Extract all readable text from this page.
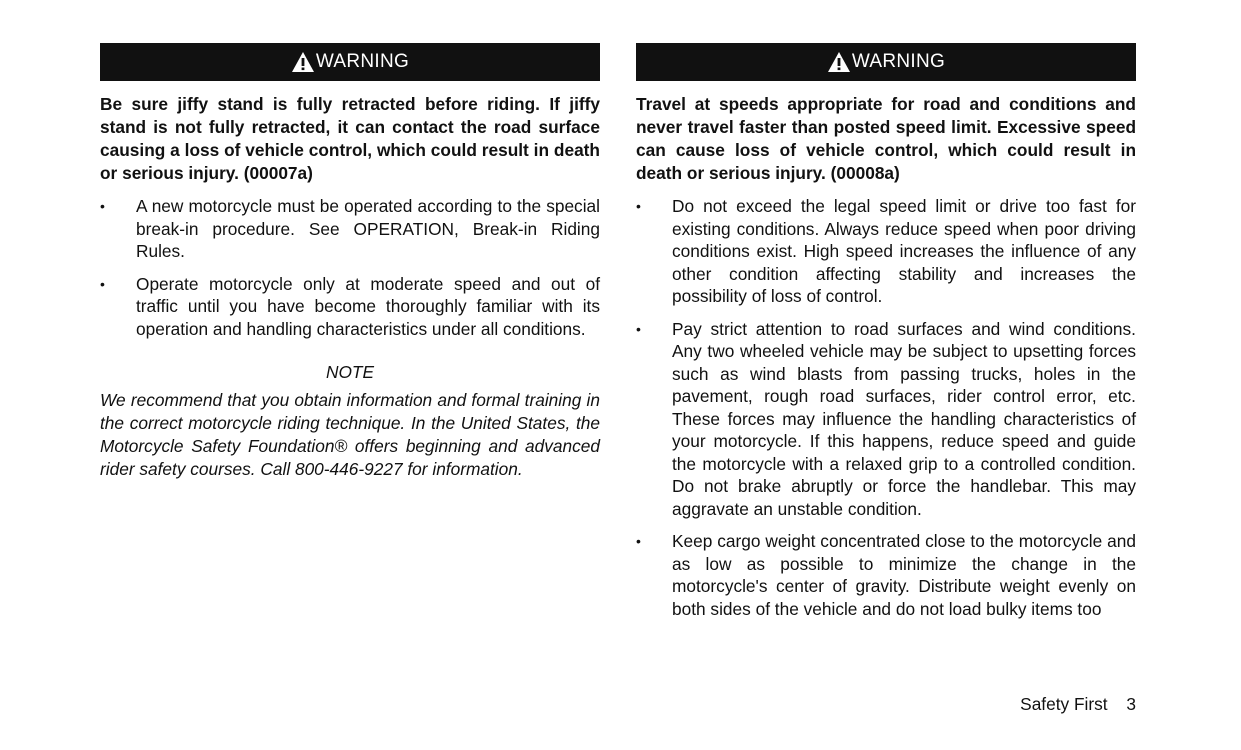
WARNING

Be sure jiffy stand is fully retracted before riding. If jiffy stand is not fully retracted, it can contact the road surface causing a loss of vehicle control, which could result in death or serious injury. (00007a)

• A new motorcycle must be operated according to the special break-in procedure. See OPERATION, Break-in Riding Rules.
• Operate motorcycle only at moderate speed and out of traffic until you have become thoroughly familiar with its operation and handling characteristics under all conditions.
NOTE

We recommend that you obtain information and formal training in the correct motorcycle riding technique. In the United States, the Motorcycle Safety Foundation® offers beginning and advanced rider safety courses. Call 800-446-9227 for information.

WARNING

Travel at speeds appropriate for road and conditions and never travel faster than posted speed limit. Excessive speed can cause loss of vehicle control, which could result in death or serious injury. (00008a)

• Do not exceed the legal speed limit or drive too fast for existing conditions. Always reduce speed when poor driving conditions exist. High speed increases the influence of any other condition affecting stability and increases the possibility of loss of control.
• Pay strict attention to road surfaces and wind conditions. Any two wheeled vehicle may be subject to upsetting forces such as wind blasts from passing trucks, holes in the pavement, rough road surfaces, rider control error, etc. These forces may influence the handling characteristics of your motorcycle. If this happens, reduce speed and guide the motorcycle with a relaxed grip to a controlled condition. Do not brake abruptly or force the handlebar. This may aggravate an unstable condition.
• Keep cargo weight concentrated close to the motorcycle and as low as possible to minimize the change in the motorcycle's center of gravity. Distribute weight evenly on both sides of the vehicle and do not load bulky items too
Safety First 3
